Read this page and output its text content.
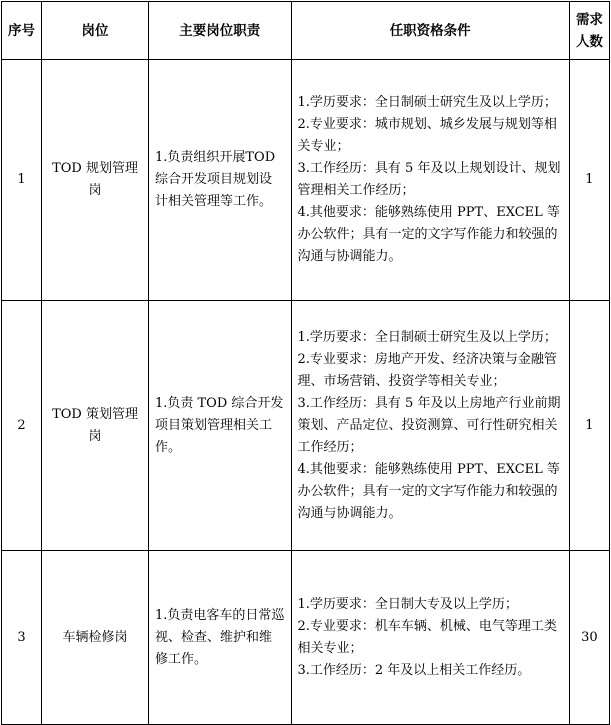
序号	岗位	主要岗位职责	任职资格条件	需求
人数

1	TOD 规划管理岗	1.负责组织开展TOD 综合开发项目规划设计相关管理等工作。	1.学历要求：全日制硕士研究生及以上学历；
2.专业要求：城市规划、城乡发展与规划等相关专业；
3.工作经历：具有 5 年及以上规划设计、规划管理相关工作经历；
4.其他要求：能够熟练使用 PPT、EXCEL 等办公软件；具有一定的文字写作能力和较强的沟通与协调能力。	1
2	TOD 策划管理岗	1.负责 TOD 综合开发项目策划管理相关工作。	1.学历要求：全日制硕士研究生及以上学历；
2.专业要求：房地产开发、经济决策与金融管理、市场营销、投资学等相关专业；
3.工作经历：具有 5 年及以上房地产行业前期策划、产品定位、投资测算、可行性研究相关工作经历；
4.其他要求：能够熟练使用 PPT、EXCEL 等办公软件；具有一定的文字写作能力和较强的沟通与协调能力。	1
3	车辆检修岗	1.负责电客车的日常巡视、检查、维护和维修工作。	1.学历要求：全日制大专及以上学历；
2.专业要求：机车车辆、机械、电气等理工类相关专业；
3.工作经历：2 年及以上相关工作经历。	30
